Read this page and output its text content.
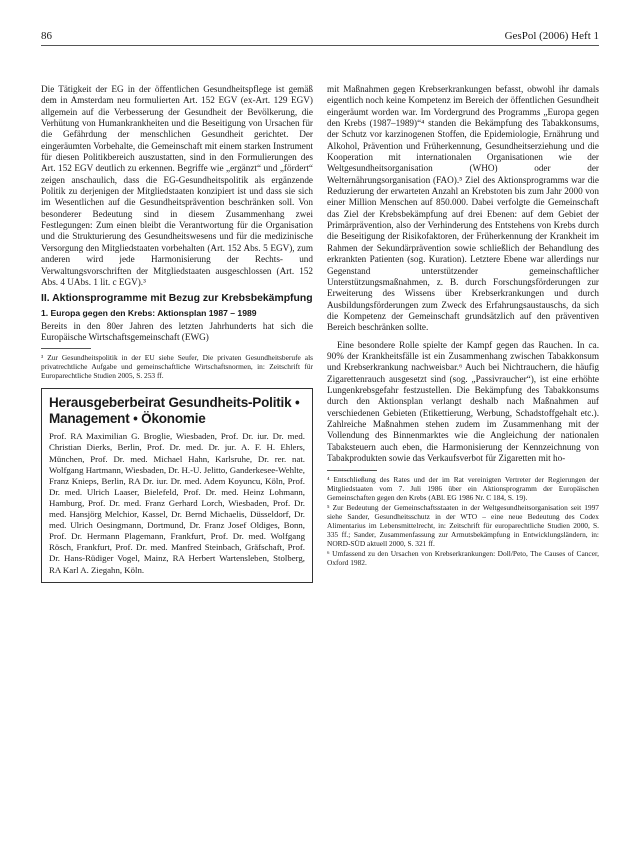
86	GesPol (2006) Heft 1

Die Tätigkeit der EG in der öffentlichen Gesundheitspflege ist gemäß dem in Amsterdam neu formulierten Art. 152 EGV (ex-Art. 129 EGV) allgemein auf die Verbesserung der Gesundheit der Bevölkerung, die Verhütung von Humankrankheiten und die Beseitigung von Ursachen für die Gefährdung der menschlichen Gesundheit gerichtet. Der eingeräumten Vorbehalte, die Gemeinschaft mit einem starken Instrument für diesen Politikbereich auszustatten, sind in den Formulierungen des Art. 152 EGV deutlich zu erkennen. Begriffe wie „ergänzt“ und „fördert“ zeigen anschaulich, dass die EG-Gesundheitspolitik als ergänzende Politik zu derjenigen der Mitgliedstaaten konzipiert ist und dass sie sich im Wesentlichen auf die Gesundheitsprävention beschränken soll. Von besonderer Bedeutung sind in diesem Zusammenhang zwei Festlegungen: Zum einen bleibt die Verantwortung für die Organisation und die Strukturierung des Gesundheitswesens und für die medizinische Versorgung den Mitgliedstaaten vorbehalten (Art. 152 Abs. 5 EGV), zum anderen wird jede Harmonisierung der Rechts- und Verwaltungsvorschriften der Mitgliedstaaten ausgeschlossen (Art. 152 Abs. 4 UAbs. 1 lit. c EGV).³

II. Aktionsprogramme mit Bezug zur Krebsbekämpfung
1. Europa gegen den Krebs: Aktionsplan 1987 – 1989

Bereits in den 80er Jahren des letzten Jahrhunderts hat sich die Europäische Wirtschaftsgemeinschaft (EWG)

³ Zur Gesundheitspolitik in der EU siehe Seufer, Die privaten Gesundheitsberufe als privatrechtliche Aufgabe und gemeinschaftliche Wirtschaftsnormen, in: Zeitschrift für Europarechtliche Studien 2005, S. 253 ff.

Herausgeberbeirat Gesundheits-Politik • Management • Ökonomie

Prof. RA Maximilian G. Broglie, Wiesbaden, Prof. Dr. iur. Dr. med. Christian Dierks, Berlin, Prof. Dr. med. Dr. jur. A. F. H. Ehlers, München, Prof. Dr. med. Michael Hahn, Karlsruhe, Dr. rer. nat. Wolfgang Hartmann, Wiesbaden, Dr. H.-U. Jelitto, Ganderkesee-Wehlte, Franz Knieps, Berlin, RA Dr. iur. Dr. med. Adem Koyuncu, Köln, Prof. Dr. med. Ulrich Laaser, Bielefeld, Prof. Dr. med. Heinz Lohmann, Hamburg, Prof. Dr. med. Franz Gerhard Lorch, Wiesbaden, Prof. Dr. med. Hansjörg Melchior, Kassel, Dr. Bernd Michaelis, Düsseldorf, Dr. med. Ulrich Oesingmann, Dortmund, Dr. Franz Josef Oldiges, Bonn, Prof. Dr. Hermann Plagemann, Frankfurt, Prof. Dr. med. Wolfgang Rösch, Frankfurt, Prof. Dr. med. Manfred Steinbach, Gräfschaft, Prof. Dr. Hans-Rüdiger Vogel, Mainz, RA Herbert Wartensleben, Stolberg, RA Karl A. Ziegahn, Köln.

mit Maßnahmen gegen Krebserkrankungen befasst, obwohl ihr damals eigentlich noch keine Kompetenz im Bereich der öffentlichen Gesundheit eingeräumt worden war. Im Vordergrund des Programms „Europa gegen den Krebs (1987–1989)“⁴ standen die Bekämpfung des Tabakkonsums, der Schutz vor karzinogenen Stoffen, die Epidemiologie, Ernährung und Alkohol, Prävention und Früherkennung, Gesundheitserziehung und die Kooperation mit internationalen Organisationen wie der Weltgesundheitsorganisation (WHO) oder der Welternährungsorganisation (FAO).⁵ Ziel des Aktionsprogramms war die Reduzierung der erwarteten Anzahl an Krebstoten bis zum Jahr 2000 von einer Million Menschen auf 850.000. Dabei verfolgte die Gemeinschaft das Ziel der Krebsbekämpfung auf drei Ebenen: auf dem Gebiet der Primärprävention, also der Verhinderung des Entstehens von Krebs durch die Beseitigung der Risikofaktoren, der Früherkennung der Krankheit im Rahmen der Sekundärprävention sowie schließlich der Behandlung des erkrankten Patienten (sog. Kuration). Letztere Ebene war allerdings nur Gegenstand unterstützender gemeinschaftlicher Unterstützungsmaßnahmen, z. B. durch Forschungsförderungen zur Erweiterung des Wissens über Krebserkrankungen und durch Ausbildungsförderungen zum Zweck des Erfahrungsaustauschs, da sich die Kompetenz der Gemeinschaft grundsätzlich auf den präventiven Bereich beschränken sollte.

Eine besondere Rolle spielte der Kampf gegen das Rauchen. In ca. 90% der Krankheitsfälle ist ein Zusammenhang zwischen Tabakkonsum und Krebserkrankung nachweisbar.⁶ Auch bei Nichtrauchern, die häufig Zigarettenrauch ausgesetzt sind (sog. „Passivraucher“), ist eine erhöhte Lungenkrebsgefahr festzustellen. Die Bekämpfung des Tabakkonsums durch den Aktionsplan verlangt deshalb nach Maßnahmen auf verschiedenen Gebieten (Etikettierung, Werbung, Schadstoffgehalt etc.). Zahlreiche Maßnahmen stehen zudem im Zusammenhang mit der Vollendung des Binnenmarktes wie die Angleichung der nationalen Tabaksteuern auch eben, die Harmonisierung der Kennzeichnung von Tabakprodukten sowie das Verkaufsverbot für Zigaretten mit ho-

⁴ Entschließung des Rates und der im Rat vereinigten Vertreter der Regierungen der Mitgliedstaaten vom 7. Juli 1986 über ein Aktionsprogramm der Europäischen Gemeinschaften gegen den Krebs (ABl. EG 1986 Nr. C 184, S. 19).

⁵ Zur Bedeutung der Gemeinschaftsstaaten in der Weltgesundheitsorganisation seit 1997 siehe Sander, Gesundheitsschutz in der WTO – eine neue Bedeutung des Codex Alimentarius im Lebensmittelrecht, in: Zeitschrift für europarechtliche Studien 2000, S. 335 ff.; Sander, Zusammenfassung zur Armutsbekämpfung in Entwicklungsländern, in: NORD-SÜD aktuell 2000, S. 321 ff.

⁶ Umfassend zu den Ursachen von Krebserkrankungen: Doll/Peto, The Causes of Cancer, Oxford 1982.
